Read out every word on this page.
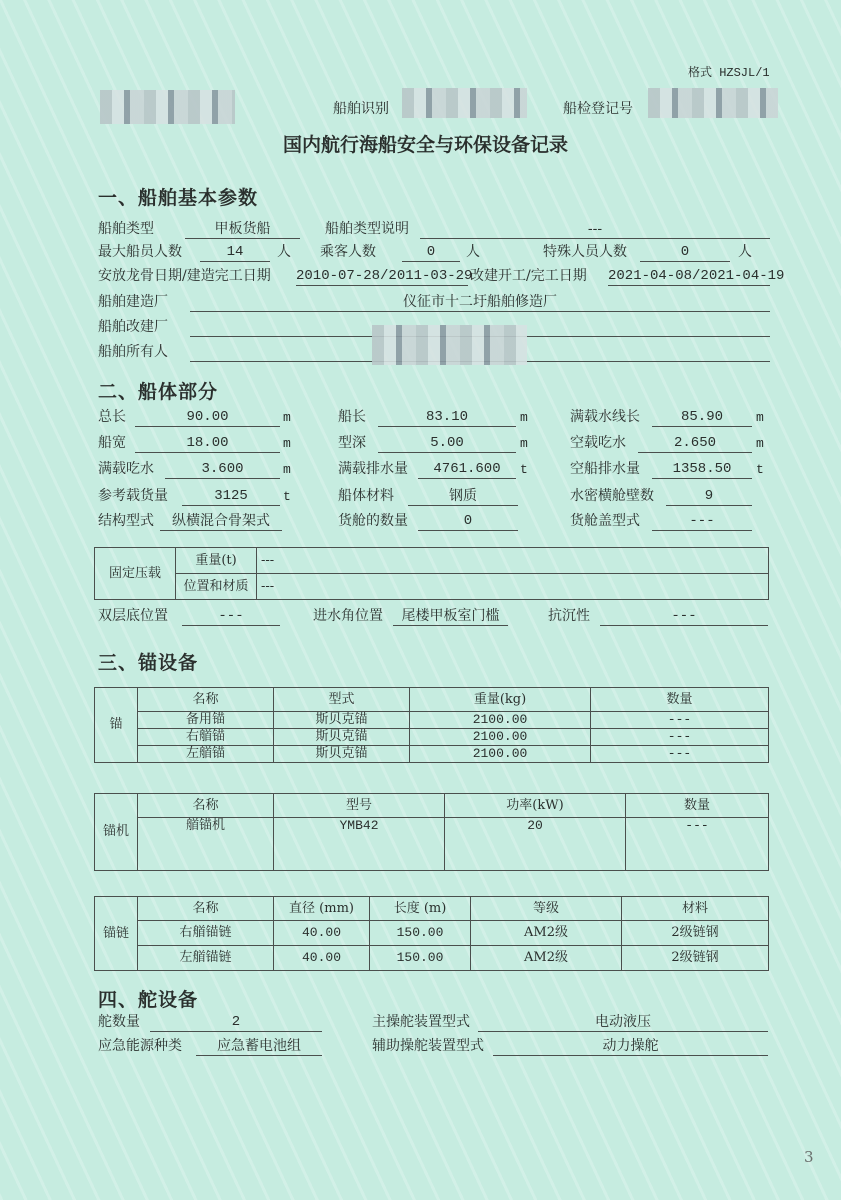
格式 HZSJL/1
船舶识别	船检登记号
国内航行海船安全与环保设备记录
一、船舶基本参数
船舶类型	甲板货船	船舶类型说明	---
最大船员人数	14	人 乘客人数	0	人	特殊人员人数	0	人
安放龙骨日期/建造完工日期 2010-07-28/2011-03-29
改建开工/完工日期 2021-04-08/2021-04-19
船舶建造厂	仪征市十二圩船舶修造厂
船舶改建厂
船舶所有人
二、船体部分
总长	90.00	m	船长	83.10	m	满载水线长	85.90	m
船宽	18.00	m	型深	5.00	m	空载吃水	2.650	m
满载吃水	3.600	m	满载排水量	4761.600	t	空船排水量	1358.50	t
参考载货量	3125	t	船体材料	钢质	水密横舱壁数	9
结构型式	纵横混合骨架式	货舱的数量	0	货舱盖型式	---
固定压载	重量(t)	---
	位置和材质	---
双层底位置	---	进水角位置	尾楼甲板室门槛	抗沉性	---
三、锚设备
锚	名称	型式	重量(kg)	数量
	备用锚	斯贝克锚	2100.00	---
	右艏锚	斯贝克锚	2100.00	---
	左艏锚	斯贝克锚	2100.00	---
锚机	名称	型号	功率(kW)	数量
	艏锚机	YMB42	20	---
锚链	名称	直径 (mm)	长度 (m)	等级	材料
	右艏锚链	40.00	150.00	AM2级	2级链钢
	左艏锚链	40.00	150.00	AM2级	2级链钢
四、舵设备
舵数量	2	主操舵装置型式	电动液压
应急能源种类	应急蓄电池组	辅助操舵装置型式	动力操舵
3
